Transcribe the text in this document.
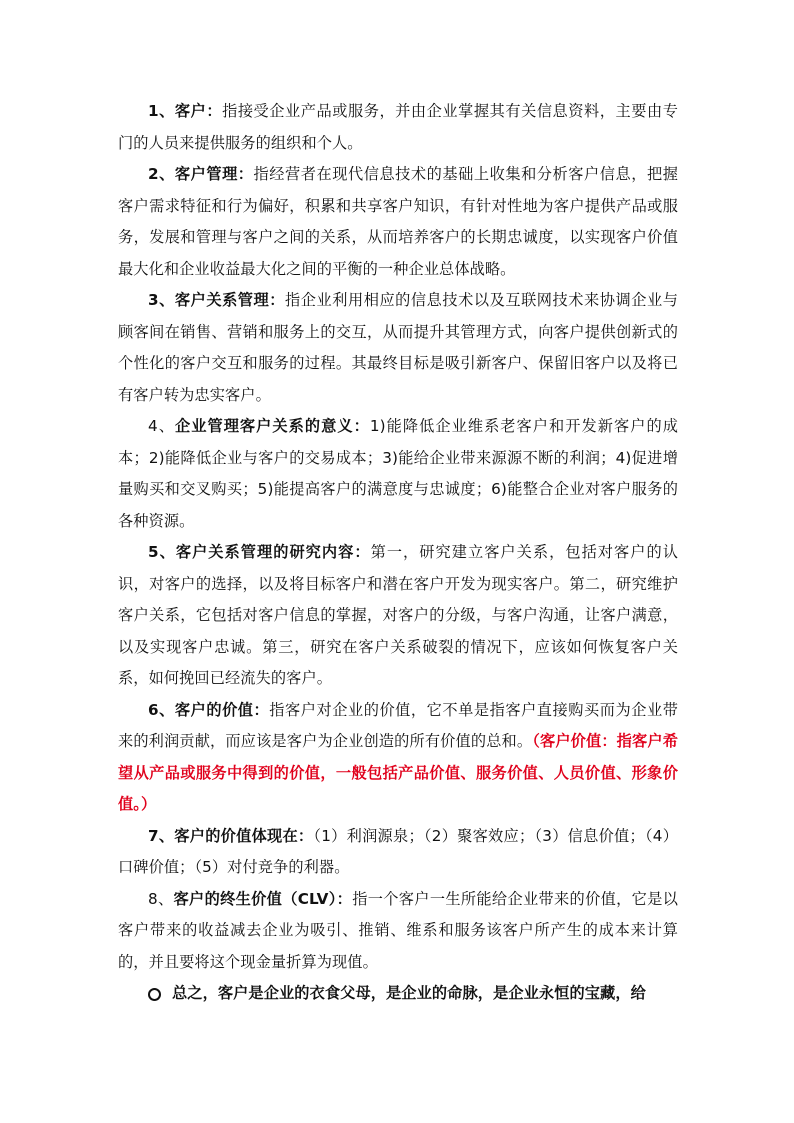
1、客户：指接受企业产品或服务，并由企业掌握其有关信息资料，主要由专门的人员来提供服务的组织和个人。

2、客户管理：指经营者在现代信息技术的基础上收集和分析客户信息，把握客户需求特征和行为偏好，积累和共享客户知识，有针对性地为客户提供产品或服务，发展和管理与客户之间的关系，从而培养客户的长期忠诚度，以实现客户价值最大化和企业收益最大化之间的平衡的一种企业总体战略。

3、客户关系管理：指企业利用相应的信息技术以及互联网技术来协调企业与顾客间在销售、营销和服务上的交互，从而提升其管理方式，向客户提供创新式的个性化的客户交互和服务的过程。其最终目标是吸引新客户、保留旧客户以及将已有客户转为忠实客户。

4、企业管理客户关系的意义：1)能降低企业维系老客户和开发新客户的成本；2)能降低企业与客户的交易成本；3)能给企业带来源源不断的利润；4)促进增量购买和交叉购买；5)能提高客户的满意度与忠诚度；6)能整合企业对客户服务的各种资源。

5、客户关系管理的研究内容：第一，研究建立客户关系，包括对客户的认识，对客户的选择，以及将目标客户和潜在客户开发为现实客户。第二，研究维护客户关系，它包括对客户信息的掌握，对客户的分级，与客户沟通，让客户满意，以及实现客户忠诚。第三，研究在客户关系破裂的情况下，应该如何恢复客户关系，如何挽回已经流失的客户。

6、客户的价值：指客户对企业的价值，它不单是指客户直接购买而为企业带来的利润贡献，而应该是客户为企业创造的所有价值的总和。（客户价值：指客户希望从产品或服务中得到的价值，一般包括产品价值、服务价值、人员价值、形象价值。）

7、客户的价值体现在：（1）利润源泉；（2）聚客效应；（3）信息价值；（4）口碑价值；（5）对付竞争的利器。

8、客户的终生价值（CLV）：指一个客户一生所能给企业带来的价值，它是以客户带来的收益减去企业为吸引、推销、维系和服务该客户所产生的成本来计算的，并且要将这个现金量折算为现值。

总之，客户是企业的衣食父母，是企业的命脉，是企业永恒的宝藏，给
